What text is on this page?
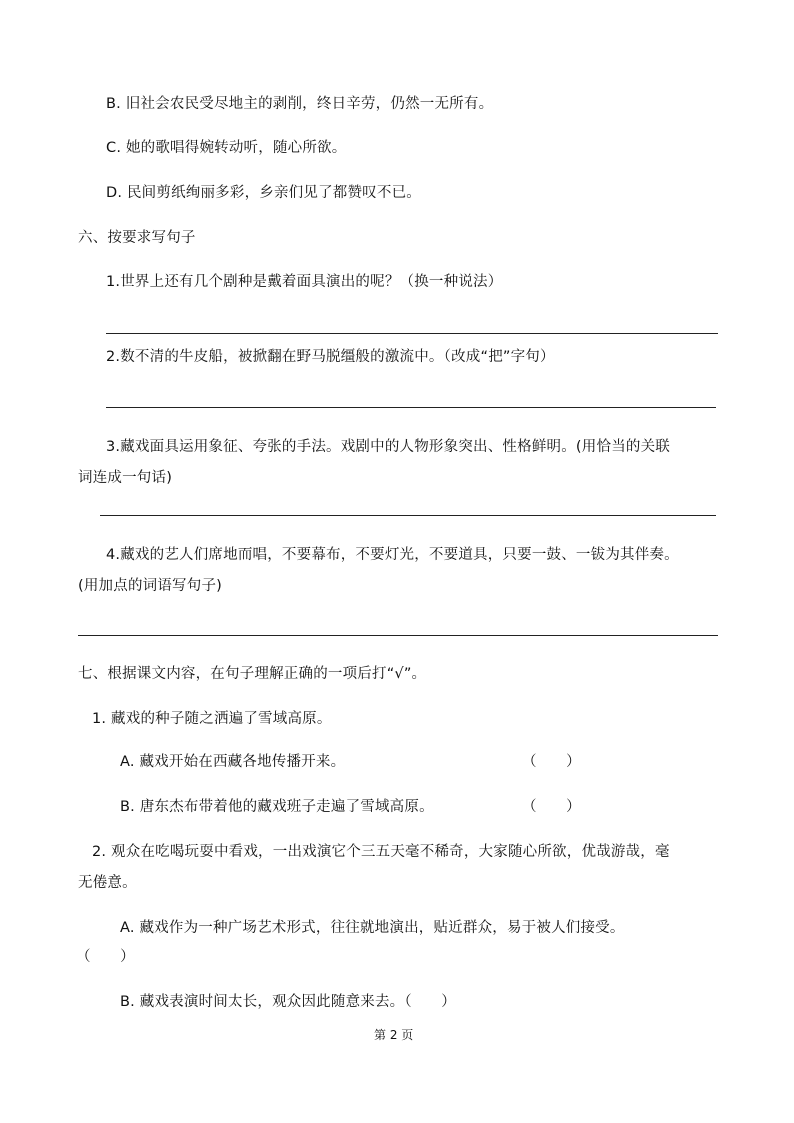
B. 旧社会农民受尽地主的剥削，终日辛劳，仍然一无所有。
C. 她的歌唱得婉转动听，随心所欲。
D. 民间剪纸绚丽多彩，乡亲们见了都赞叹不已。
六、按要求写句子
1.世界上还有几个剧种是戴着面具演出的呢？（换一种说法）
2.数不清的牛皮船，被掀翻在野马脱缰般的激流中。（改成“把”字句）
3.藏戏面具运用象征、夸张的手法。戏剧中的人物形象突出、性格鲜明。(用恰当的关联
词连成一句话)
4.藏戏的艺人们席地而唱，不要幕布，不要灯光，不要道具，只要一鼓、一钹为其伴奏。
(用加点的词语写句子)
七、根据课文内容，在句子理解正确的一项后打“√”。
1. 藏戏的种子随之洒遍了雪域高原。
A. 藏戏开始在西藏各地传播开来。	（　　）
B. 唐东杰布带着他的藏戏班子走遍了雪域高原。	（　　）
2. 观众在吃喝玩耍中看戏，一出戏演它个三五天毫不稀奇，大家随心所欲，优哉游哉，毫
无倦意。
A. 藏戏作为一种广场艺术形式，往往就地演出，贴近群众，易于被人们接受。
（　　）
B. 藏戏表演时间太长，观众因此随意来去。（　　）
第 2 页
